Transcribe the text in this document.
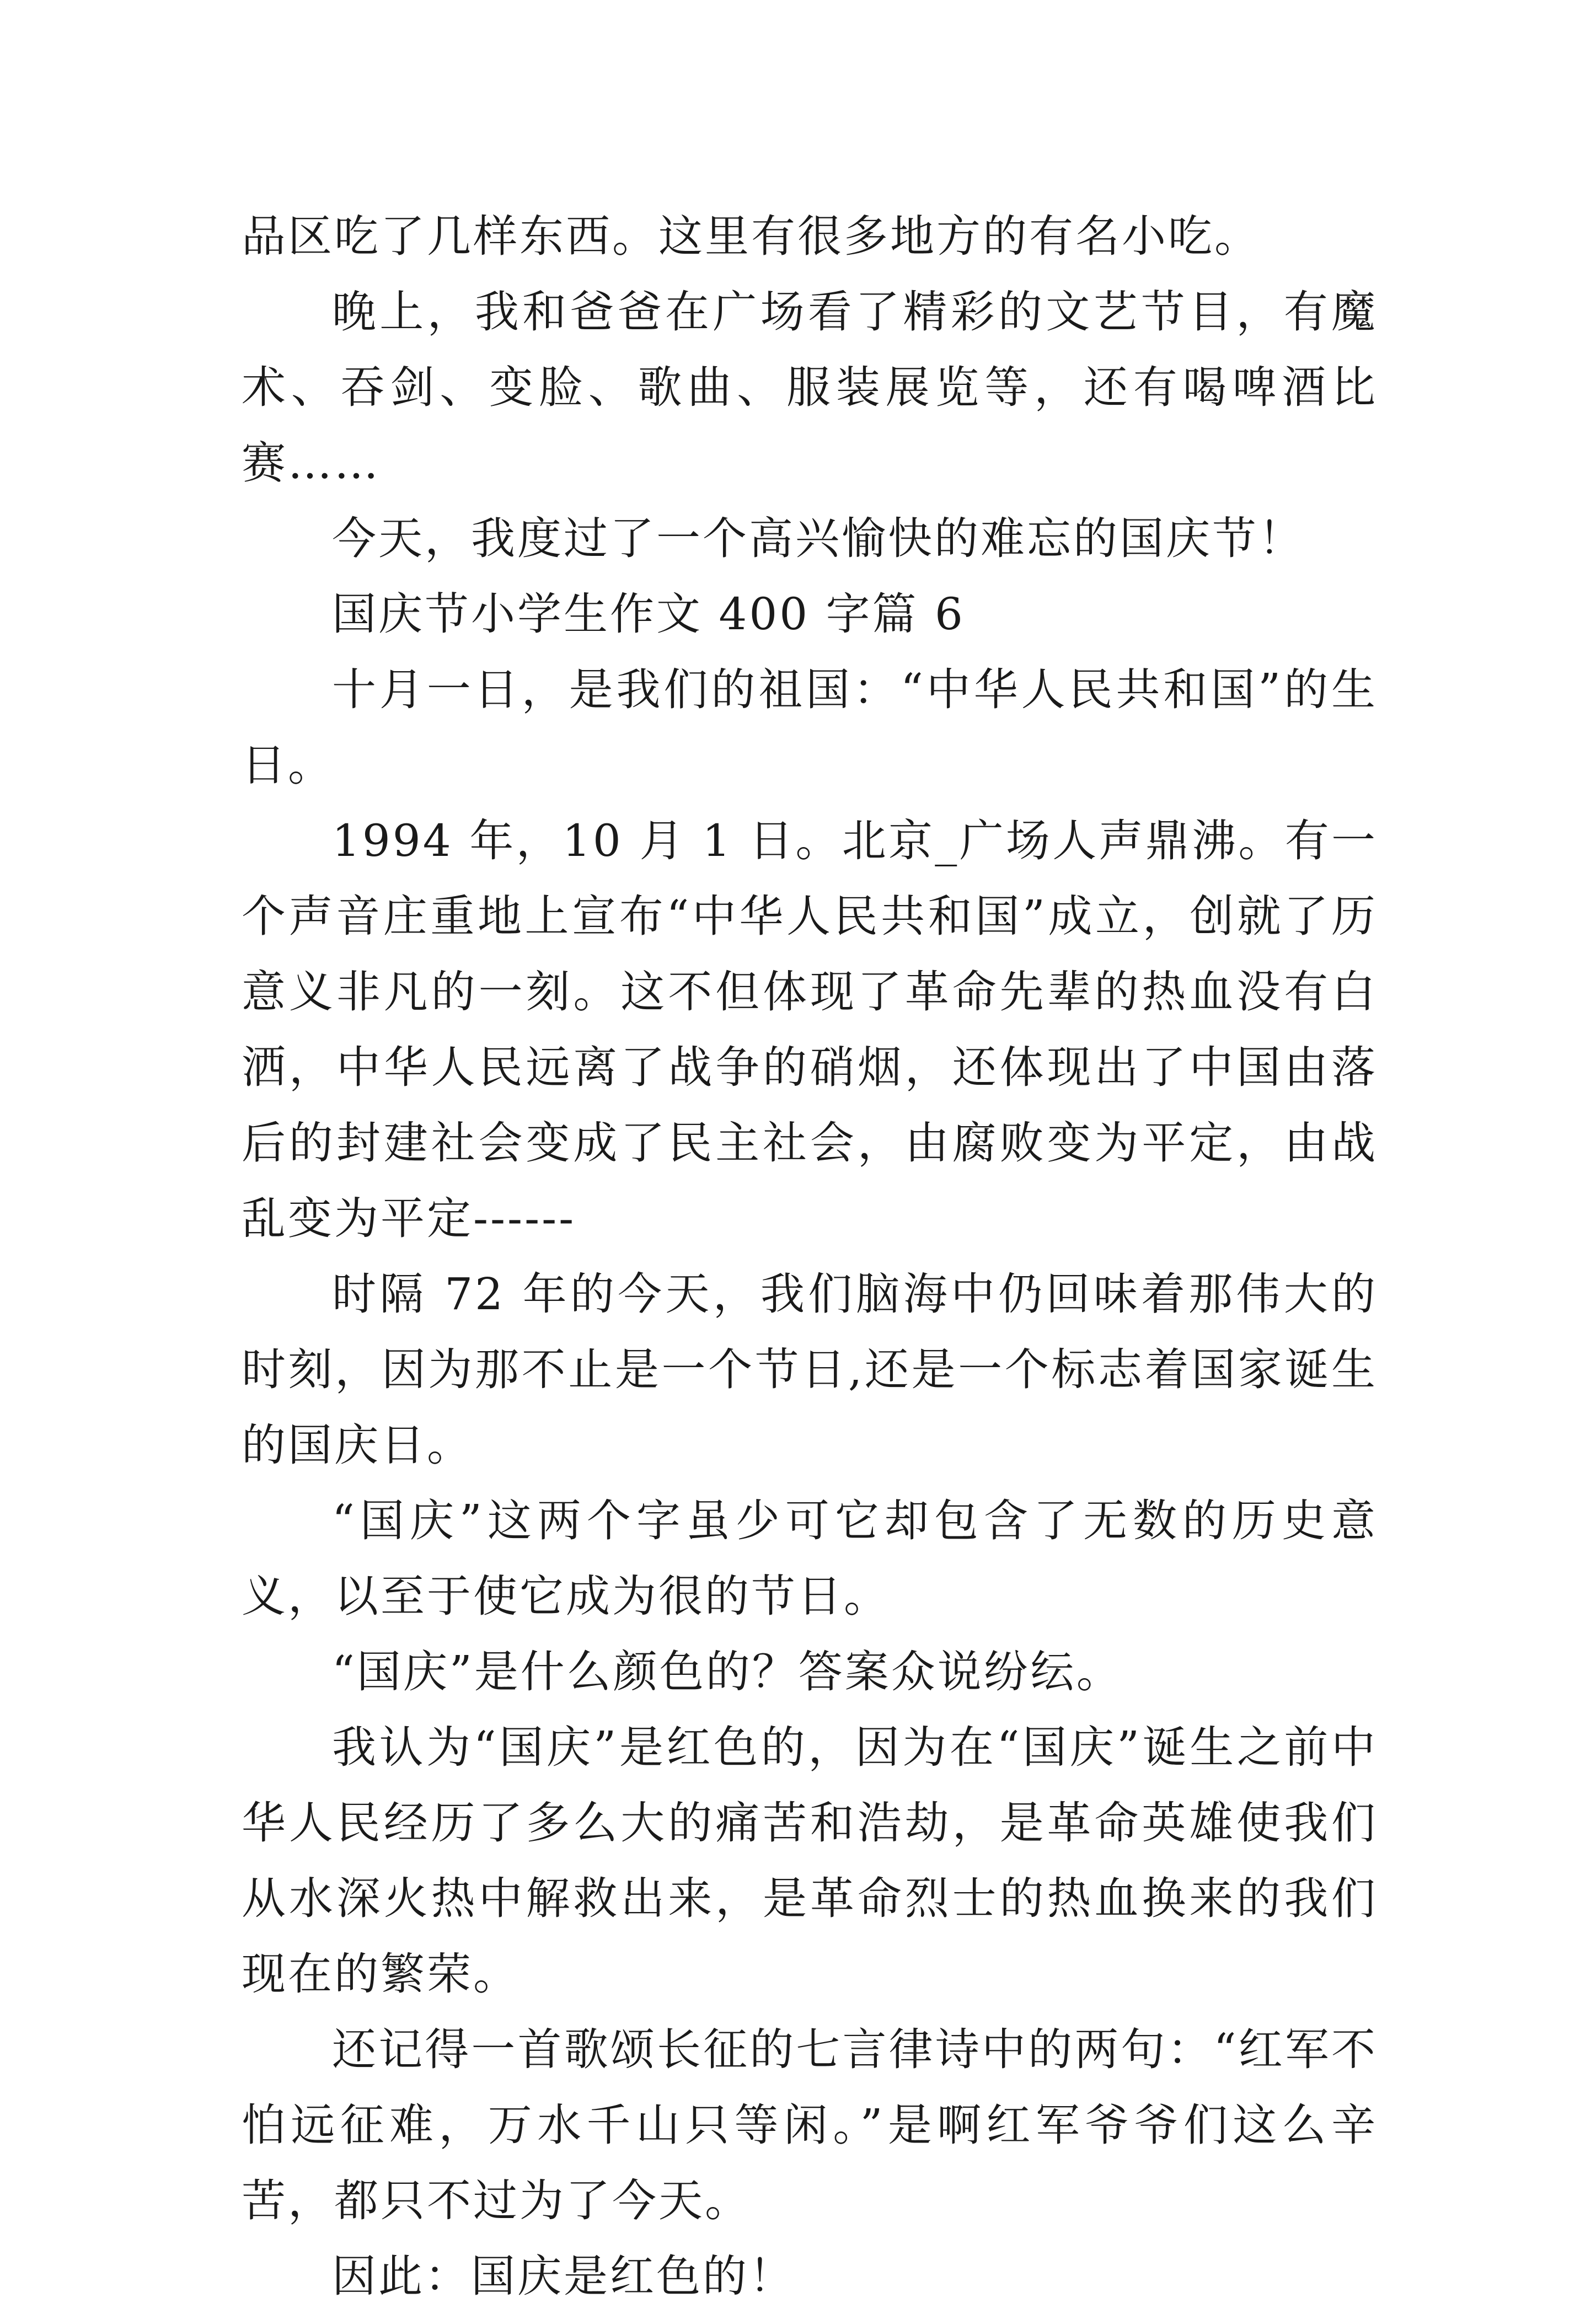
品区吃了几样东西。这里有很多地方的有名小吃。

晚上，我和爸爸在广场看了精彩的文艺节目，有魔术、吞剑、变脸、歌曲、服装展览等，还有喝啤酒比赛……

今天，我度过了一个高兴愉快的难忘的国庆节！

国庆节小学生作文 400 字篇 6

十月一日，是我们的祖国：“中华人民共和国”的生日。

1994 年，10 月 1 日。北京_广场人声鼎沸。有一个声音庄重地上宣布“中华人民共和国”成立，创就了历意义非凡的一刻。这不但体现了革命先辈的热血没有白洒，中华人民远离了战争的硝烟，还体现出了中国由落后的封建社会变成了民主社会，由腐败变为平定，由战乱变为平定------

时隔 72 年的今天，我们脑海中仍回味着那伟大的时刻，因为那不止是一个节日,还是一个标志着国家诞生的国庆日。

“国庆”这两个字虽少可它却包含了无数的历史意义，以至于使它成为很的节日。

“国庆”是什么颜色的？答案众说纷纭。

我认为“国庆”是红色的，因为在“国庆”诞生之前中华人民经历了多么大的痛苦和浩劫，是革命英雄使我们从水深火热中解救出来，是革命烈士的热血换来的我们现在的繁荣。

还记得一首歌颂长征的七言律诗中的两句：“红军不怕远征难，万水千山只等闲。”是啊红军爷爷们这么辛苦，都只不过为了今天。

因此：国庆是红色的！
